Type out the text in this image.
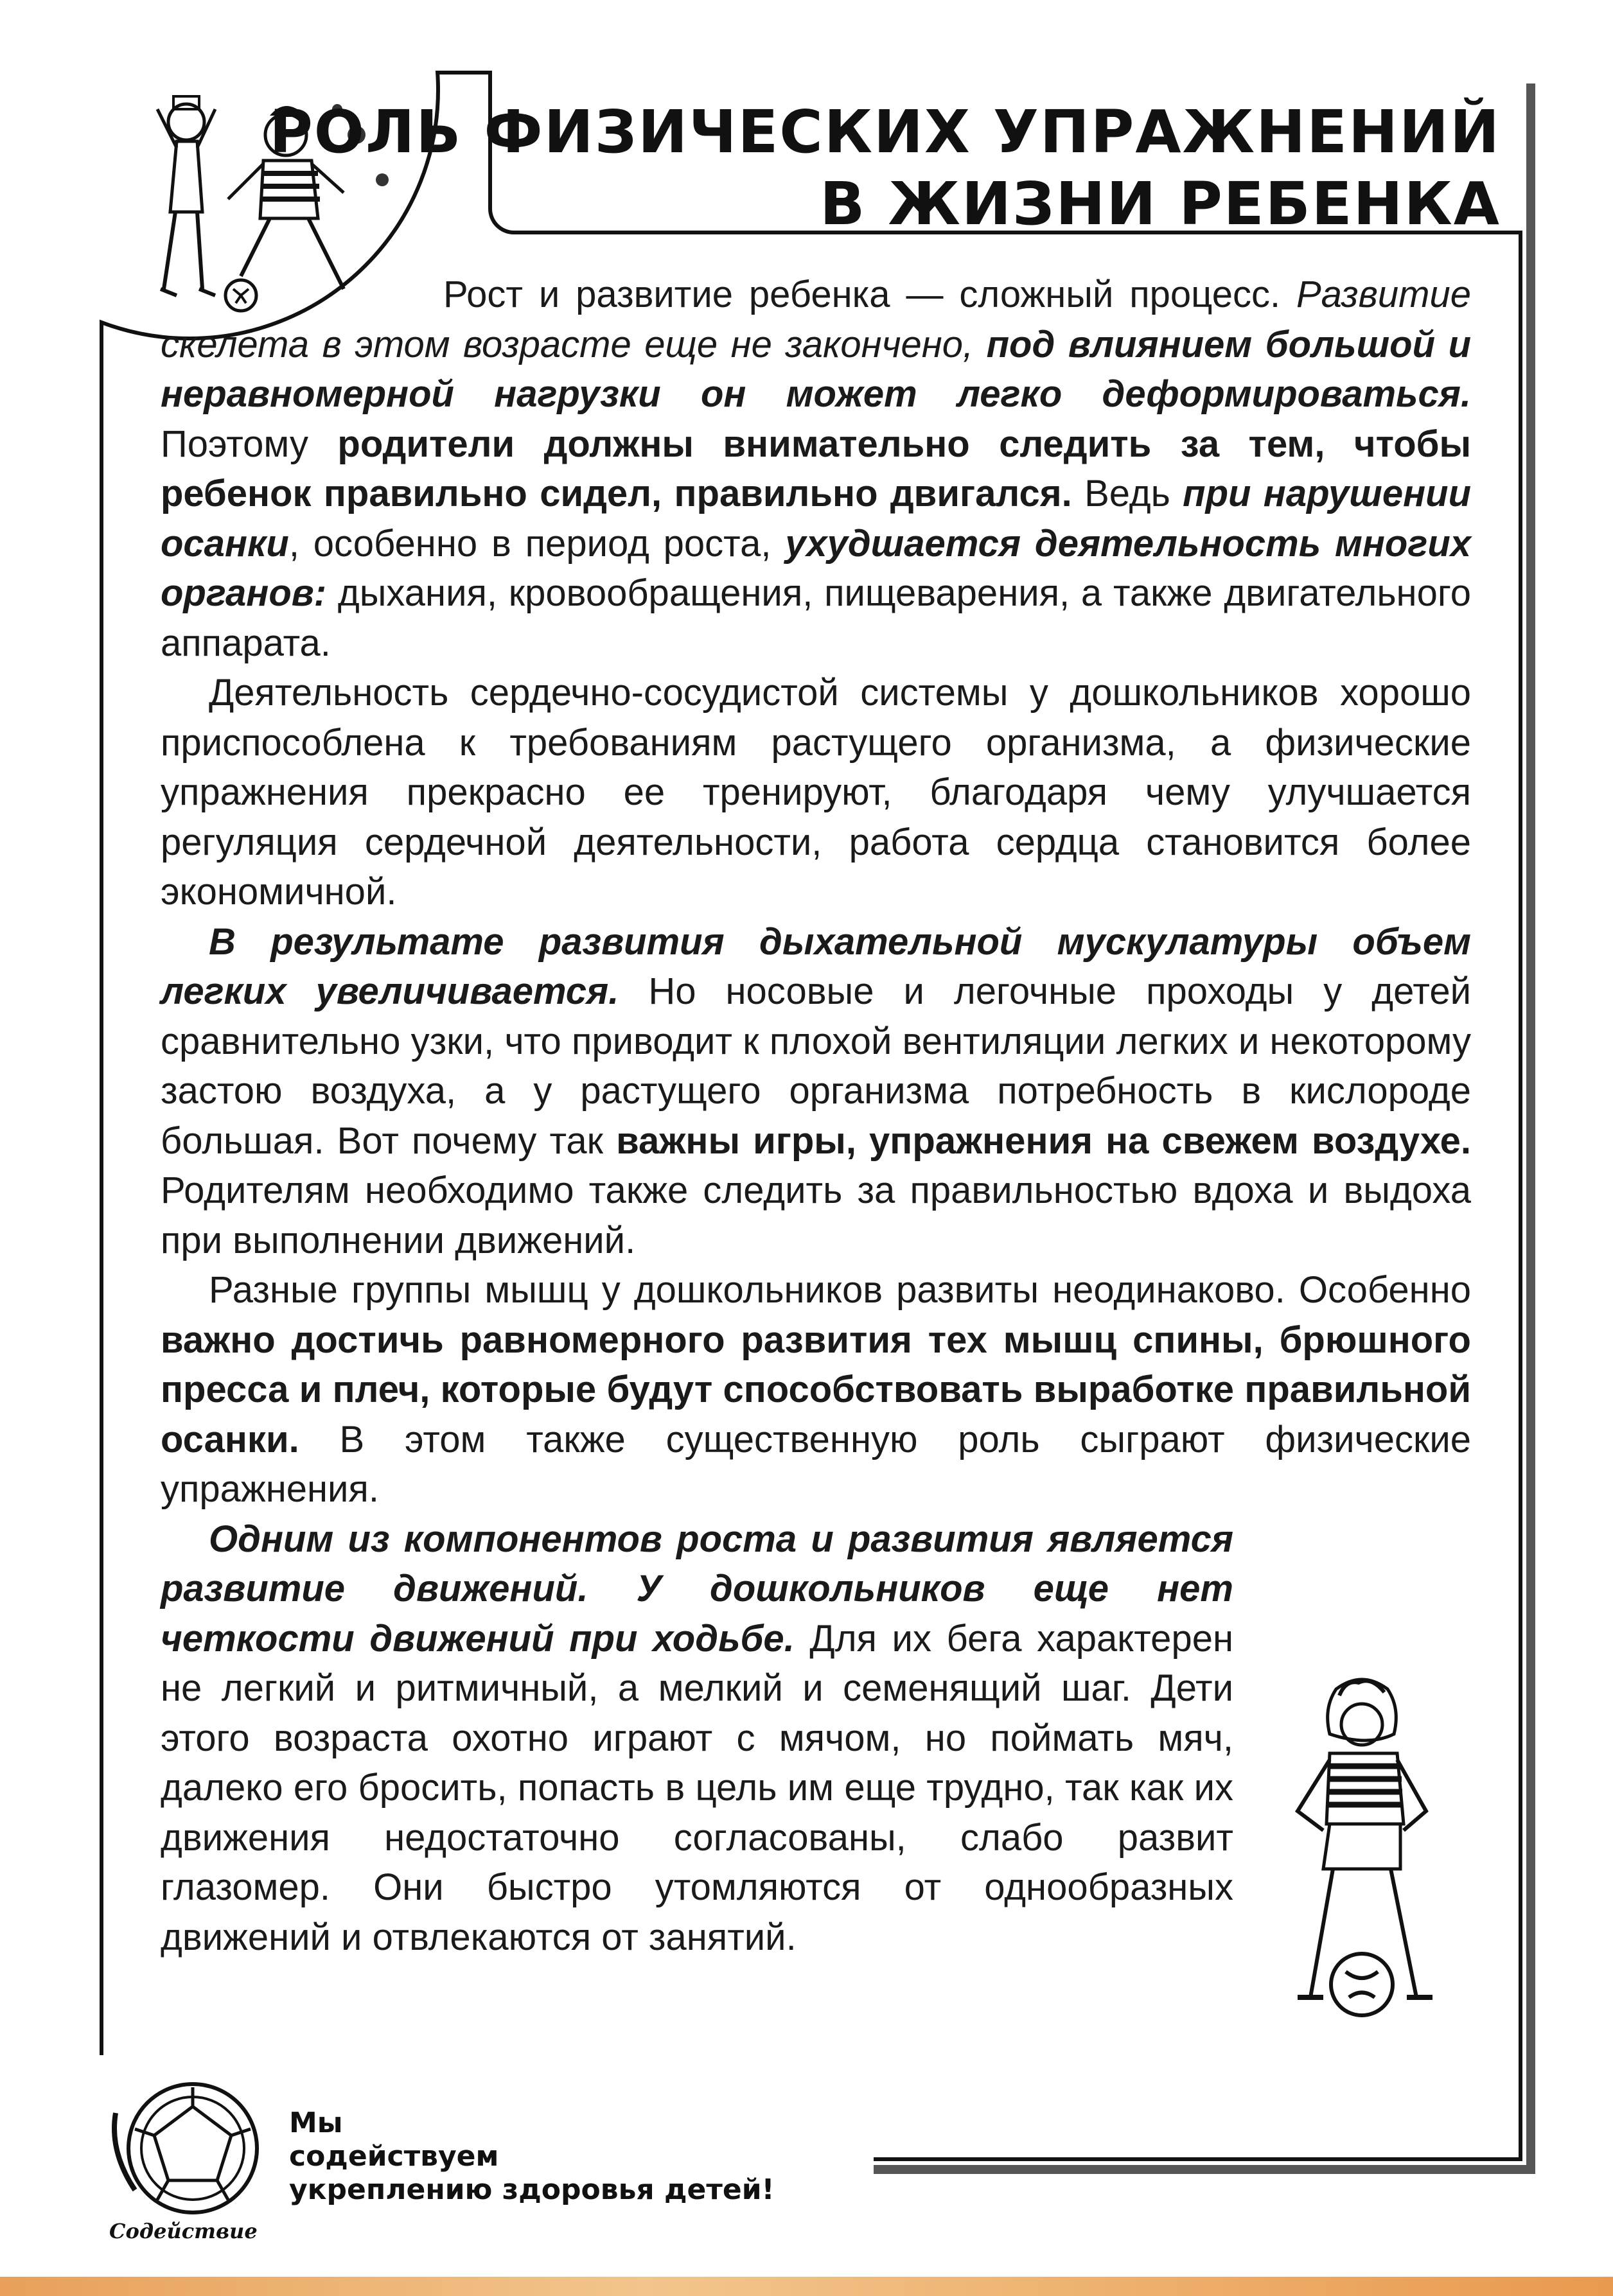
РОЛЬ ФИЗИЧЕСКИХ УПРАЖНЕНИЙ
В ЖИЗНИ РЕБЕНКА

Рост и развитие ребенка — сложный процесс. Развитие скелета в этом возрасте еще не закончено, под влиянием большой и неравномерной нагрузки он может легко деформироваться. Поэтому родители должны внимательно следить за тем, чтобы ребенок правильно сидел, правильно двигался. Ведь при нарушении осанки, особенно в период роста, ухудшается деятельность многих органов: дыхания, кровообращения, пищеварения, а также двигательного аппарата.

Деятельность сердечно-сосудистой системы у дошкольников хорошо приспособлена к требованиям растущего организма, а физические упражнения прекрасно ее тренируют, благодаря чему улучшается регуляция сердечной деятельности, работа сердца становится более экономичной.

В результате развития дыхательной мускулатуры объем легких увеличивается. Но носовые и легочные проходы у детей сравнительно узки, что приводит к плохой вентиляции легких и некоторому застою воздуха, а у растущего организма потребность в кислороде большая. Вот почему так важны игры, упражнения на свежем воздухе. Родителям необходимо также следить за правильностью вдоха и выдоха при выполнении движений.

Разные группы мышц у дошкольников развиты неодинаково. Особенно важно достичь равномерного развития тех мышц спины, брюшного пресса и плеч, которые будут способствовать выработке правильной осанки. В этом также существенную роль сыграют физические упражнения.

Одним из компонентов роста и развития является развитие движений. У дошкольников еще нет четкости движений при ходьбе. Для их бега характерен не легкий и ритмичный, а мелкий и семенящий шаг. Дети этого возраста охотно играют с мячом, но поймать мяч, далеко его бросить, попасть в цель им еще трудно, так как их движения недостаточно согласованы, слабо развит глазомер. Они быстро утомляются от однообразных движений и отвлекаются от занятий.

Содействие
Мы
содействуем
укреплению здоровья детей!
